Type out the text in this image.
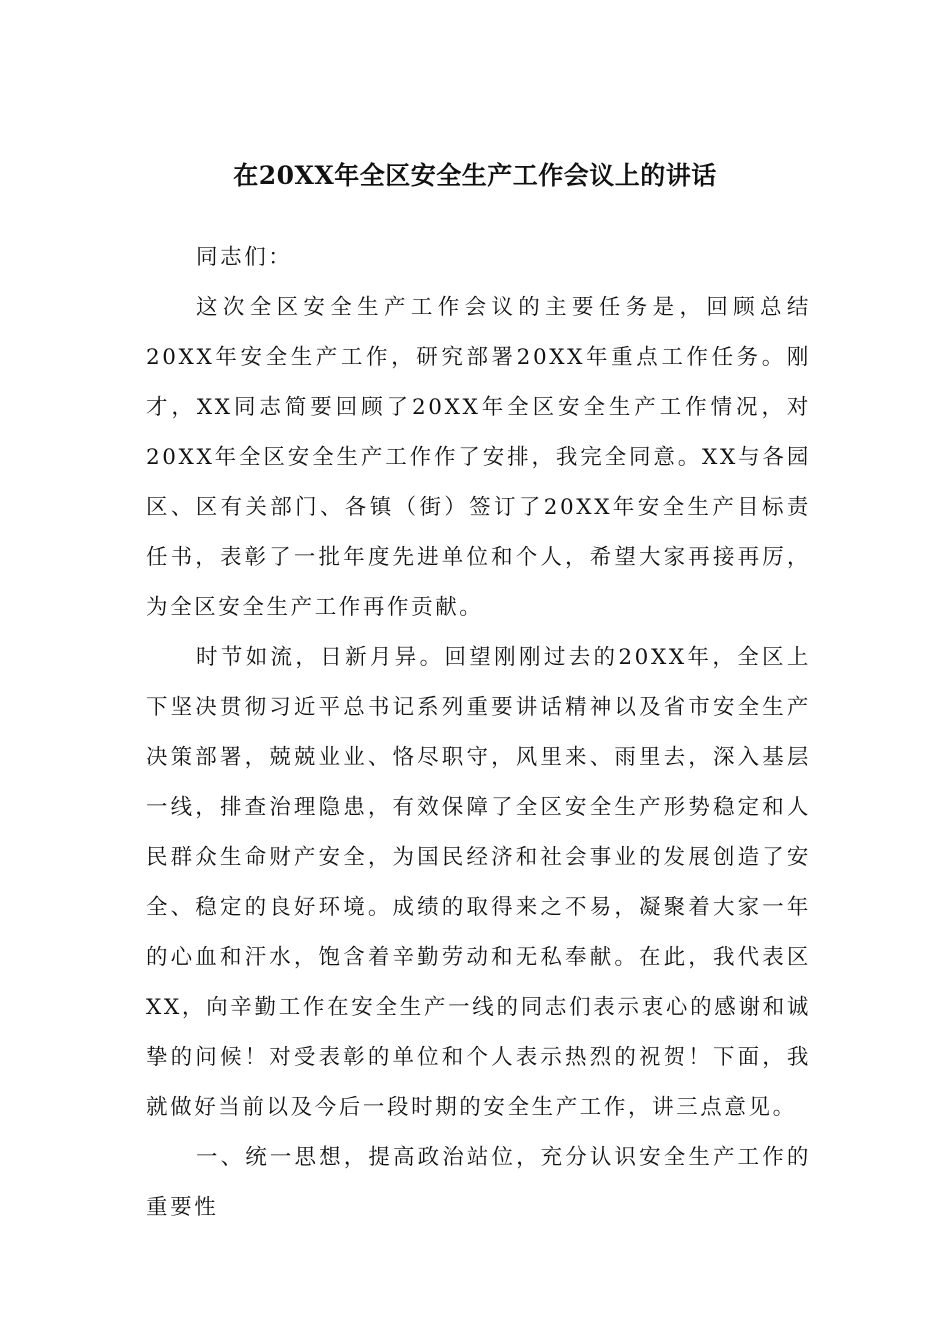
在20XX年全区安全生产工作会议上的讲话

同志们：

这次全区安全生产工作会议的主要任务是，回顾总结20XX年安全生产工作，研究部署20XX年重点工作任务。刚才，XX同志简要回顾了20XX年全区安全生产工作情况，对20XX年全区安全生产工作作了安排，我完全同意。XX与各园区、区有关部门、各镇（街）签订了20XX年安全生产目标责任书，表彰了一批年度先进单位和个人，希望大家再接再厉，为全区安全生产工作再作贡献。

时节如流，日新月异。回望刚刚过去的20XX年，全区上下坚决贯彻习近平总书记系列重要讲话精神以及省市安全生产决策部署，兢兢业业、恪尽职守，风里来、雨里去，深入基层一线，排查治理隐患，有效保障了全区安全生产形势稳定和人民群众生命财产安全，为国民经济和社会事业的发展创造了安全、稳定的良好环境。成绩的取得来之不易，凝聚着大家一年的心血和汗水，饱含着辛勤劳动和无私奉献。在此，我代表区XX，向辛勤工作在安全生产一线的同志们表示衷心的感谢和诚挚的问候！对受表彰的单位和个人表示热烈的祝贺！下面，我就做好当前以及今后一段时期的安全生产工作，讲三点意见。

一、统一思想，提高政治站位，充分认识安全生产工作的重要性
